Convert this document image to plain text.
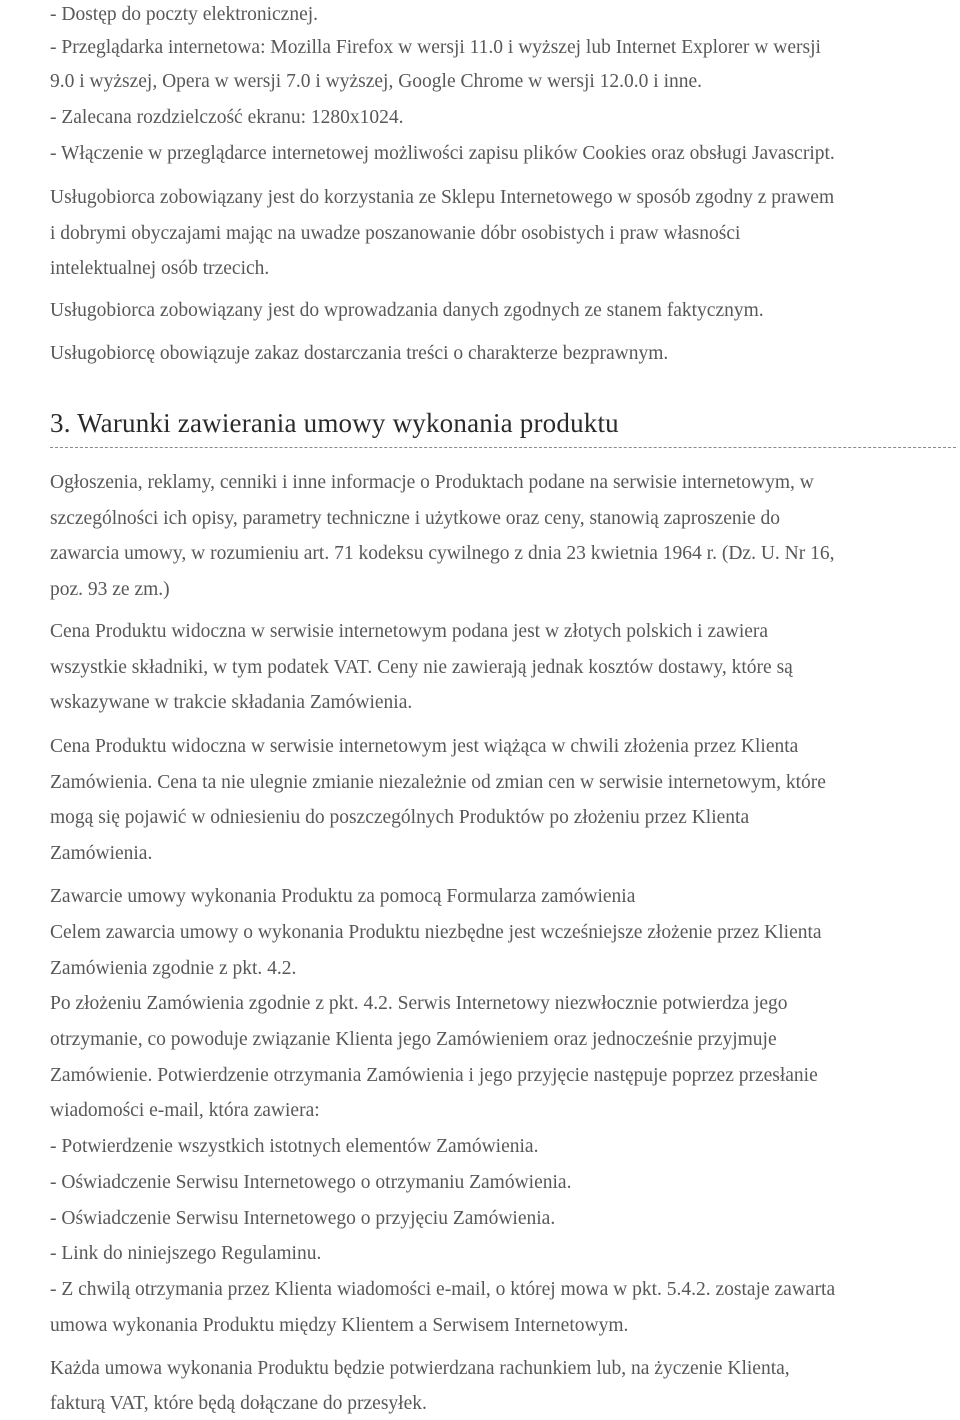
- Dostęp do poczty elektronicznej.
- Przeglądarka internetowa: Mozilla Firefox w wersji 11.0 i wyższej lub Internet Explorer w wersji
9.0 i wyższej, Opera w wersji 7.0 i wyższej, Google Chrome w wersji 12.0.0 i inne.
- Zalecana rozdzielczość ekranu: 1280x1024.
- Włączenie w przeglądarce internetowej możliwości zapisu plików Cookies oraz obsługi Javascript.
Usługobiorca zobowiązany jest do korzystania ze Sklepu Internetowego w sposób zgodny z prawem
i dobrymi obyczajami mając na uwadze poszanowanie dóbr osobistych i praw własności
intelektualnej osób trzecich.
Usługobiorca zobowiązany jest do wprowadzania danych zgodnych ze stanem faktycznym.
Usługobiorcę obowiązuje zakaz dostarczania treści o charakterze bezprawnym.
3. Warunki zawierania umowy wykonania produktu
Ogłoszenia, reklamy, cenniki i inne informacje o Produktach podane na serwisie internetowym, w
szczególności ich opisy, parametry techniczne i użytkowe oraz ceny, stanowią zaproszenie do
zawarcia umowy, w rozumieniu art. 71 kodeksu cywilnego z dnia 23 kwietnia 1964 r. (Dz. U. Nr 16,
poz. 93 ze zm.)
Cena Produktu widoczna w serwisie internetowym podana jest w złotych polskich i zawiera
wszystkie składniki, w tym podatek VAT. Ceny nie zawierają jednak kosztów dostawy, które są
wskazywane w trakcie składania Zamówienia.
Cena Produktu widoczna w serwisie internetowym jest wiążąca w chwili złożenia przez Klienta
Zamówienia. Cena ta nie ulegnie zmianie niezależnie od zmian cen w serwisie internetowym, które
mogą się pojawić w odniesieniu do poszczególnych Produktów po złożeniu przez Klienta
Zamówienia.
Zawarcie umowy wykonania Produktu za pomocą Formularza zamówienia
Celem zawarcia umowy o wykonania Produktu niezbędne jest wcześniejsze złożenie przez Klienta
Zamówienia zgodnie z pkt. 4.2.
Po złożeniu Zamówienia zgodnie z pkt. 4.2. Serwis Internetowy niezwłocznie potwierdza jego
otrzymanie, co powoduje związanie Klienta jego Zamówieniem oraz jednocześnie przyjmuje
Zamówienie. Potwierdzenie otrzymania Zamówienia i jego przyjęcie następuje poprzez przesłanie
wiadomości e-mail, która zawiera:
- Potwierdzenie wszystkich istotnych elementów Zamówienia.
- Oświadczenie Serwisu Internetowego o otrzymaniu Zamówienia.
- Oświadczenie Serwisu Internetowego o przyjęciu Zamówienia.
- Link do niniejszego Regulaminu.
- Z chwilą otrzymania przez Klienta wiadomości e-mail, o której mowa w pkt. 5.4.2. zostaje zawarta
umowa wykonania Produktu między Klientem a Serwisem Internetowym.
Każda umowa wykonania Produktu będzie potwierdzana rachunkiem lub, na życzenie Klienta,
fakturą VAT, które będą dołączane do przesyłek.
